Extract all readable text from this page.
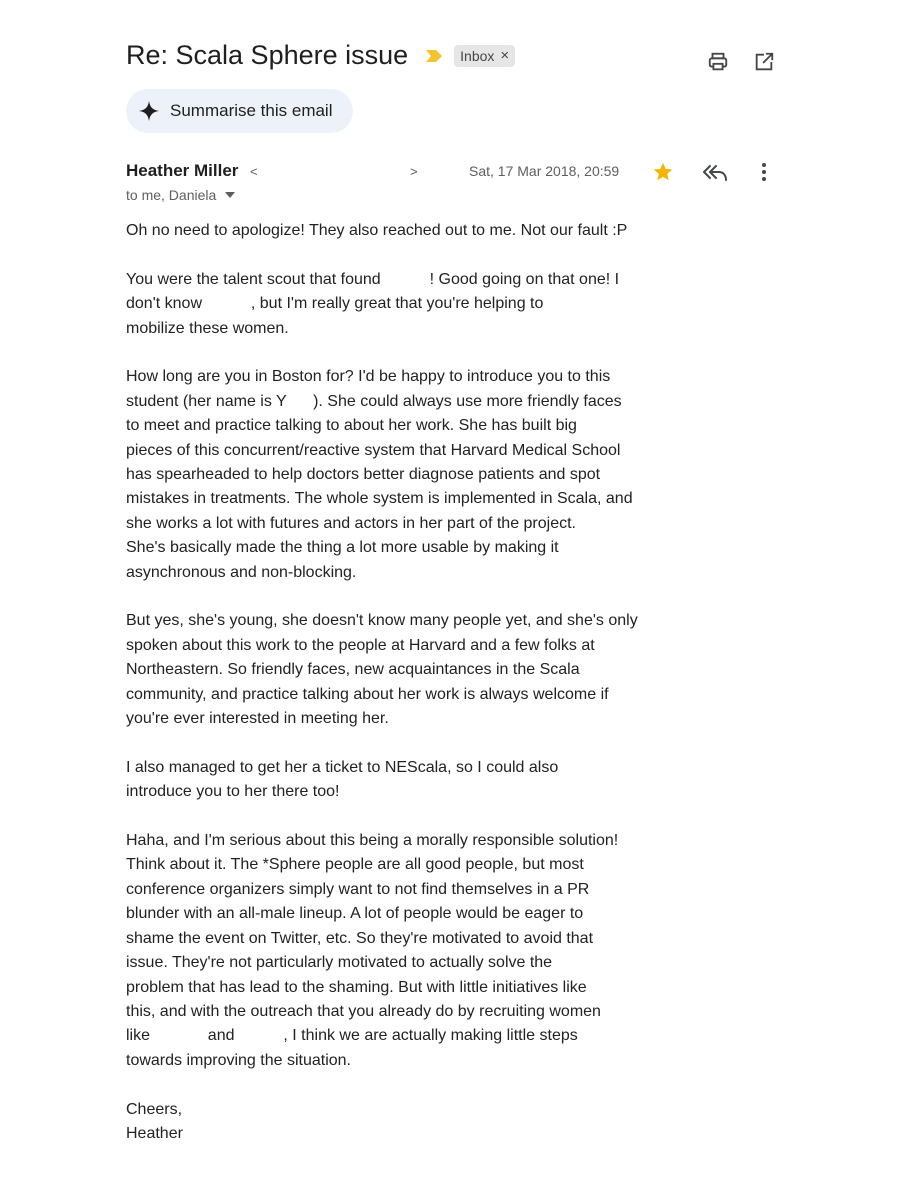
Re: Scala Sphere issue	Inbox ×
Summarise this email
Heather Miller <	>	Sat, 17 Mar 2018, 20:59
to me, Daniela

Oh no need to apologize! They also reached out to me. Not our fault :P

You were the talent scout that found           ! Good going on that one! I
don't know           , but I'm really great that you're helping to
mobilize these women.

How long are you in Boston for? I'd be happy to introduce you to this
student (her name is Y      ). She could always use more friendly faces
to meet and practice talking to about her work. She has built big
pieces of this concurrent/reactive system that Harvard Medical School
has spearheaded to help doctors better diagnose patients and spot
mistakes in treatments. The whole system is implemented in Scala, and
she works a lot with futures and actors in her part of the project.
She's basically made the thing a lot more usable by making it
asynchronous and non-blocking.

But yes, she's young, she doesn't know many people yet, and she's only
spoken about this work to the people at Harvard and a few folks at
Northeastern. So friendly faces, new acquaintances in the Scala
community, and practice talking about her work is always welcome if
you're ever interested in meeting her.

I also managed to get her a ticket to NEScala, so I could also
introduce you to her there too!

Haha, and I'm serious about this being a morally responsible solution!
Think about it. The *Sphere people are all good people, but most
conference organizers simply want to not find themselves in a PR
blunder with an all-male lineup. A lot of people would be eager to
shame the event on Twitter, etc. So they're motivated to avoid that
issue. They're not particularly motivated to actually solve the
problem that has lead to the shaming. But with little initiatives like
this, and with the outreach that you already do by recruiting women
like             and           , I think we are actually making little steps
towards improving the situation.

Cheers,
Heather
